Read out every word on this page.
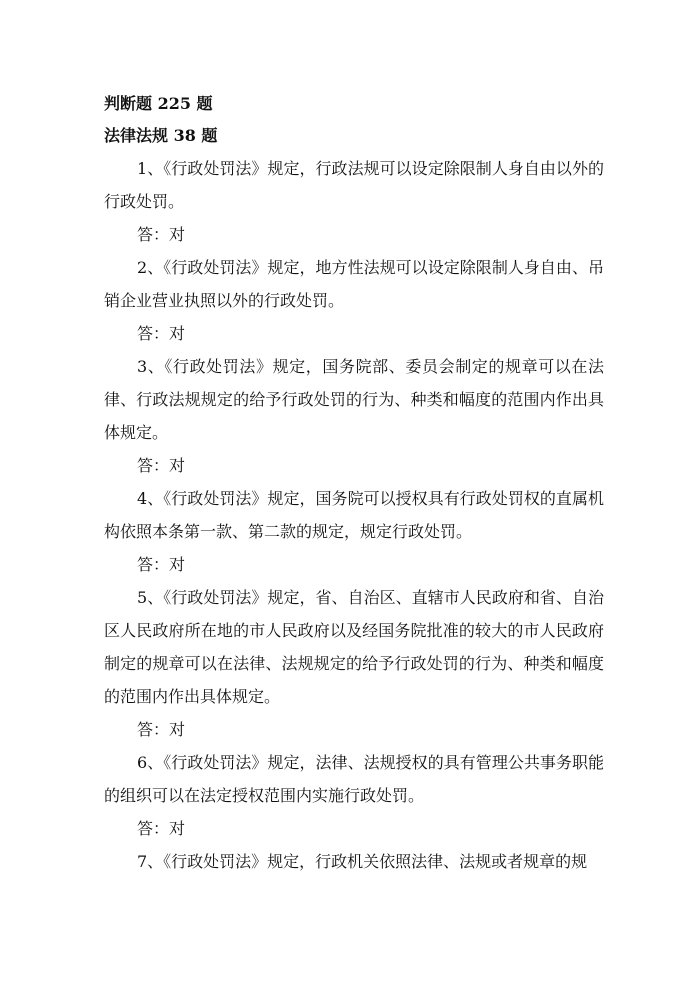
判断题 225 题

法律法规 38 题

1、《行政处罚法》规定，行政法规可以设定除限制人身自由以外的行政处罚。

答：对

2、《行政处罚法》规定，地方性法规可以设定除限制人身自由、吊销企业营业执照以外的行政处罚。

答：对

3、《行政处罚法》规定，国务院部、委员会制定的规章可以在法律、行政法规规定的给予行政处罚的行为、种类和幅度的范围内作出具体规定。

答：对

4、《行政处罚法》规定，国务院可以授权具有行政处罚权的直属机构依照本条第一款、第二款的规定，规定行政处罚。

答：对

5、《行政处罚法》规定，省、自治区、直辖市人民政府和省、自治区人民政府所在地的市人民政府以及经国务院批准的较大的市人民政府制定的规章可以在法律、法规规定的给予行政处罚的行为、种类和幅度的范围内作出具体规定。

答：对

6、《行政处罚法》规定，法律、法规授权的具有管理公共事务职能的组织可以在法定授权范围内实施行政处罚。

答：对

7、《行政处罚法》规定，行政机关依照法律、法规或者规章的规
